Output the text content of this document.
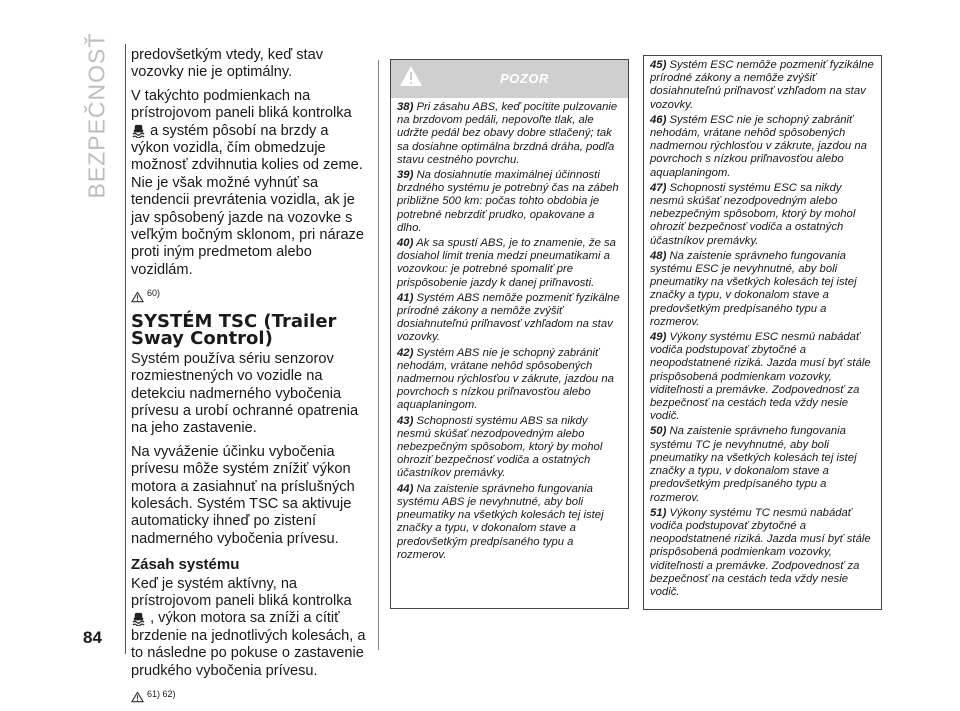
BEZPEČNOSŤ
84

predovšetkým vtedy, keď stav vozovky nie je optimálny.

V takýchto podmienkach na prístrojovom paneli bliká kontrolka  a systém pôsobí na brzdy a výkon vozidla, čím obmedzuje možnosť zdvihnutia kolies od zeme. Nie je však možné vyhnúť sa tendencii prevrátenia vozidla, ak je jav spôsobený jazde na vozovke s veľkým bočným sklonom, pri náraze proti iným predmetom alebo vozidlám.

60)
SYSTÉM TSC (Trailer Sway Control)

Systém používa sériu senzorov rozmiestnených vo vozidle na detekciu nadmerného vybočenia prívesu a urobí ochranné opatrenia na jeho zastavenie.

Na vyváženie účinku vybočenia prívesu môže systém znížiť výkon motora a zasiahnuť na príslušných kolesách. Systém TSC sa aktivuje automaticky ihneď po zistení nadmerného vybočenia prívesu.

Zásah systému

Keď je systém aktívny, na prístrojovom paneli bliká kontrolka  , výkon motora sa zníži a cítiť brzdenie na jednotlivých kolesách, a to následne po pokuse o zastavenie prudkého vybočenia prívesu.

61) 62)
POZOR

38) Pri zásahu ABS, keď pocítite pulzovanie na brzdovom pedáli, nepovoľte tlak, ale udržte pedál bez obavy dobre stlačený; tak sa dosiahne optimálna brzdná dráha, podľa stavu cestného povrchu.

39) Na dosiahnutie maximálnej účinnosti brzdného systému je potrebný čas na zábeh približne 500 km: počas tohto obdobia je potrebné nebrzdiť prudko, opakovane a dlho.

40) Ak sa spustí ABS, je to znamenie, že sa dosiahol limit trenia medzi pneumatikami a vozovkou: je potrebné spomaliť pre prispôsobenie jazdy k danej priľnavosti.

41) Systém ABS nemôže pozmeniť fyzikálne prírodné zákony a nemôže zvýšiť dosiahnuteľnú priľnavosť vzhľadom na stav vozovky.

42) Systém ABS nie je schopný zabrániť nehodám, vrátane nehôd spôsobených nadmernou rýchlosťou v zákrute, jazdou na povrchoch s nízkou priľnavosťou alebo aquaplaningom.

43) Schopnosti systému ABS sa nikdy nesmú skúšať nezodpovedným alebo nebezpečným spôsobom, ktorý by mohol ohroziť bezpečnosť vodiča a ostatných účastníkov premávky.

44) Na zaistenie správneho fungovania systému ABS je nevyhnutné, aby boli pneumatiky na všetkých kolesách tej istej značky a typu, v dokonalom stave a predovšetkým predpísaného typu a rozmerov.

45) Systém ESC nemôže pozmeniť fyzikálne prírodné zákony a nemôže zvýšiť dosiahnuteľnú priľnavosť vzhľadom na stav vozovky.

46) Systém ESC nie je schopný zabrániť nehodám, vrátane nehôd spôsobených nadmernou rýchlosťou v zákrute, jazdou na povrchoch s nízkou priľnavosťou alebo aquaplaningom.

47) Schopnosti systému ESC sa nikdy nesmú skúšať nezodpovedným alebo nebezpečným spôsobom, ktorý by mohol ohroziť bezpečnosť vodiča a ostatných účastníkov premávky.

48) Na zaistenie správneho fungovania systému ESC je nevyhnutné, aby boli pneumatiky na všetkých kolesách tej istej značky a typu, v dokonalom stave a predovšetkým predpísaného typu a rozmerov.

49) Výkony systému ESC nesmú nabádať vodiča podstupovať zbytočné a neopodstatnené riziká. Jazda musí byť stále prispôsobená podmienkam vozovky, viditeľnosti a premávke. Zodpovednosť za bezpečnosť na cestách teda vždy nesie vodič.

50) Na zaistenie správneho fungovania systému TC je nevyhnutné, aby boli pneumatiky na všetkých kolesách tej istej značky a typu, v dokonalom stave a predovšetkým predpísaného typu a rozmerov.

51) Výkony systému TC nesmú nabádať vodiča podstupovať zbytočné a neopodstatnené riziká. Jazda musí byť stále prispôsobená podmienkam vozovky, viditeľnosti a premávke. Zodpovednosť za bezpečnosť na cestách teda vždy nesie vodič.
